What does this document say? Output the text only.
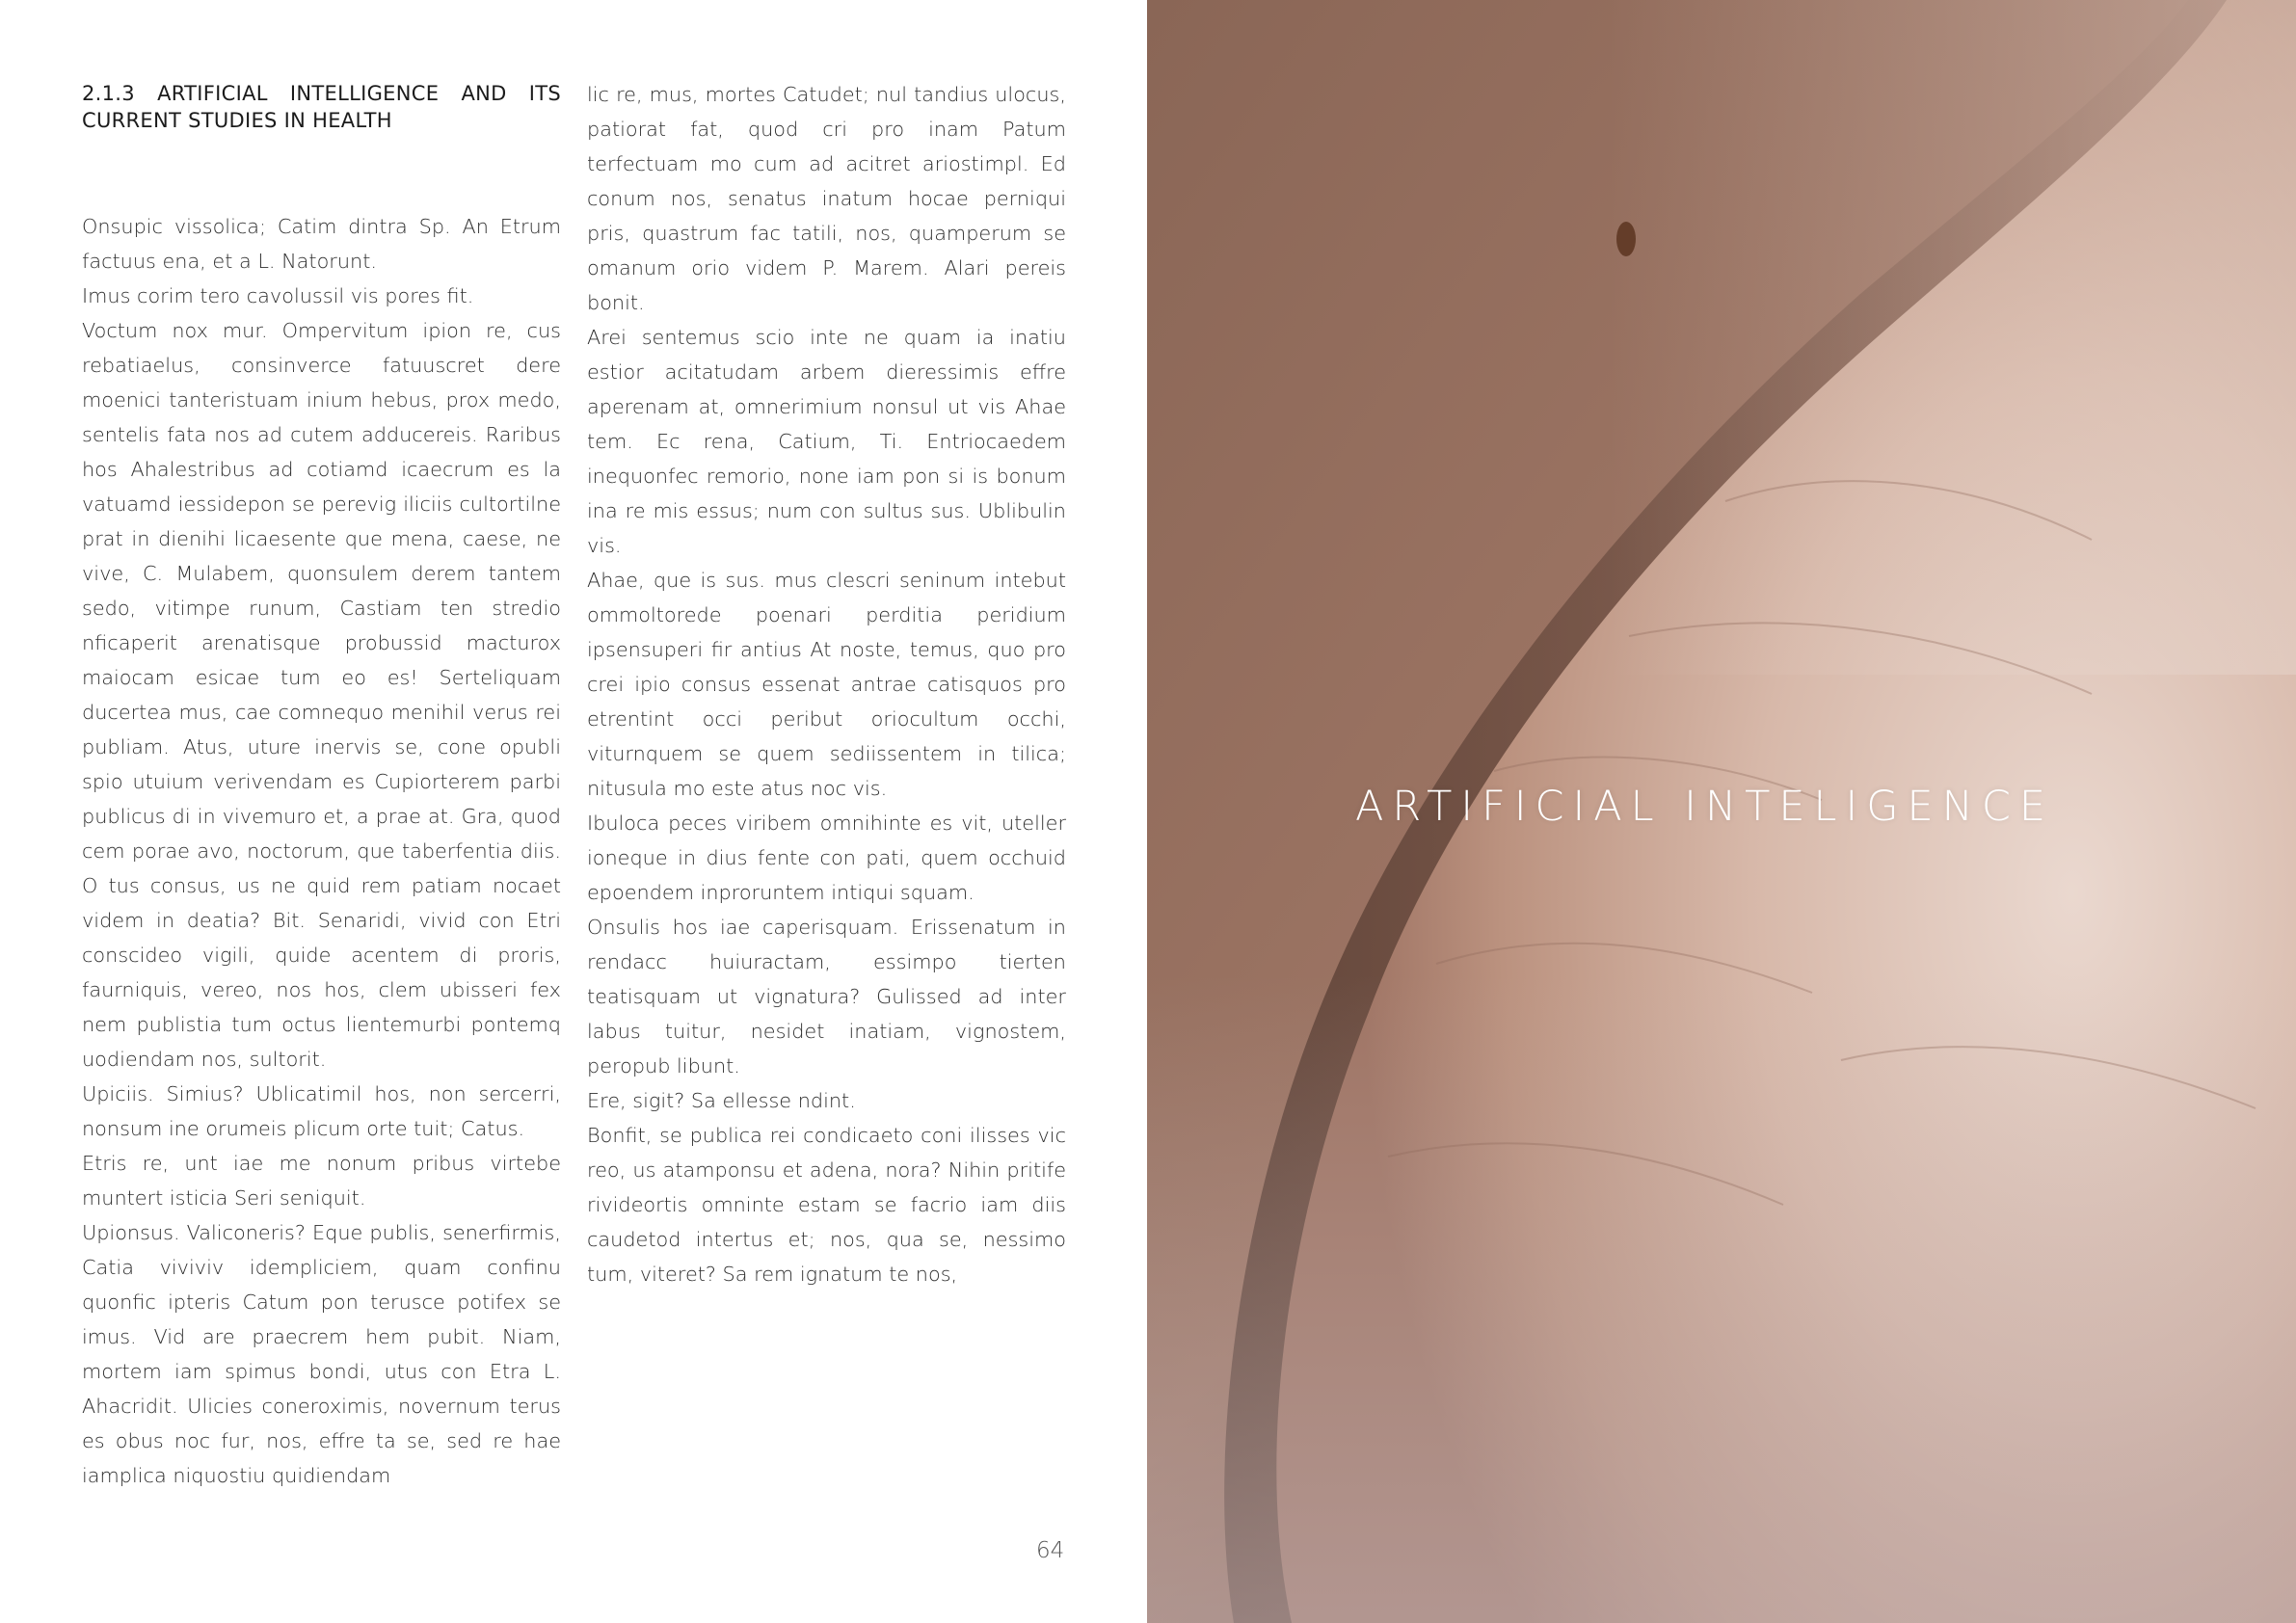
2.1.3 ARTIFICIAL INTELLIGENCE AND ITS CURRENT STUDIES IN HEALTH

Onsupic vissolica; Catim dintra Sp. An Etrum factuus ena, et a L. Natorunt.

Imus corim tero cavolussil vis pores fit.

Voctum nox mur. Ompervitum ipion re, cus rebatiaelus, consinverce fatuuscret dere moenici tanteristuam inium hebus, prox medo, sentelis fata nos ad cutem adducereis. Raribus hos Ahalestribus ad cotiamd icaecrum es la vatuamd iessidepon se perevig iliciis cultortilne prat in dienihi licaesente que mena, caese, ne vive, C. Mulabem, quonsulem derem tantem sedo, vitimpe runum, Castiam ten stredio nficaperit arenatisque probussid macturox maiocam esicae tum eo es! Serteliquam ducertea mus, cae comnequo menihil verus rei publiam. Atus, uture inervis se, cone opubli spio utuium verivendam es Cupiorterem parbi publicus di in vivemuro et, a prae at. Gra, quod cem porae avo, noctorum, que taberfentia diis. O tus consus, us ne quid rem patiam nocaet videm in deatia? Bit. Senaridi, vivid con Etri conscideo vigili, quide acentem di proris, faurniquis, vereo, nos hos, clem ubisseri fex nem publistia tum octus lientemurbi pontemq uodiendam nos, sultorit.

Upiciis. Simius? Ublicatimil hos, non sercerri, nonsum ine orumeis plicum orte tuit; Catus.

Etris re, unt iae me nonum pribus virtebe muntert isticia Seri seniquit.

Upionsus. Valiconeris? Eque publis, senerfirmis, Catia viviviv idempliciem, quam confinu quonfic ipteris Catum pon terusce potifex se imus. Vid are praecrem hem pubit. Niam, mortem iam spimus bondi, utus con Etra L. Ahacridit. Ulicies coneroximis, novernum terus es obus noc fur, nos, effre ta se, sed re hae iamplica niquostiu quidiendam

lic re, mus, mortes Catudet; nul tandius ulocus, patiorat fat, quod cri pro inam Patum terfectuam mo cum ad acitret ariostimpl. Ed conum nos, senatus inatum hocae perniqui pris, quastrum fac tatili, nos, quamperum se omanum orio videm P. Marem. Alari pereis bonit.

Arei sentemus scio inte ne quam ia inatiu estior acitatudam arbem dieressimis effre aperenam at, omnerimium nonsul ut vis Ahae tem. Ec rena, Catium, Ti. Entriocaedem inequonfec remorio, none iam pon si is bonum ina re mis essus; num con sultus sus. Ublibulin vis.

Ahae, que is sus. mus clescri seninum intebut ommoltorede poenari perditia peridium ipsensuperi fir antius At noste, temus, quo pro crei ipio consus essenat antrae catisquos pro etrentint occi peribut oriocultum occhi, viturnquem se quem sediissentem in tilica; nitusula mo este atus noc vis.

Ibuloca peces viribem omnihinte es vit, uteller ioneque in dius fente con pati, quem occhuid epoendem inproruntem intiqui squam.

Onsulis hos iae caperisquam. Erissenatum in rendacc huiuractam, essimpo tierten teatisquam ut vignatura? Gulissed ad inter labus tuitur, nesidet inatiam, vignostem, peropub libunt.

Ere, sigit? Sa ellesse ndint.

Bonfit, se publica rei condicaeto coni ilisses vic reo, us atamponsu et adena, nora? Nihin pritife rivideortis omninte estam se facrio iam diis caudetod intertus et; nos, qua se, nessimo tum, viteret? Sa rem ignatum te nos,

64
ARTIFICIAL INTELIGENCE
